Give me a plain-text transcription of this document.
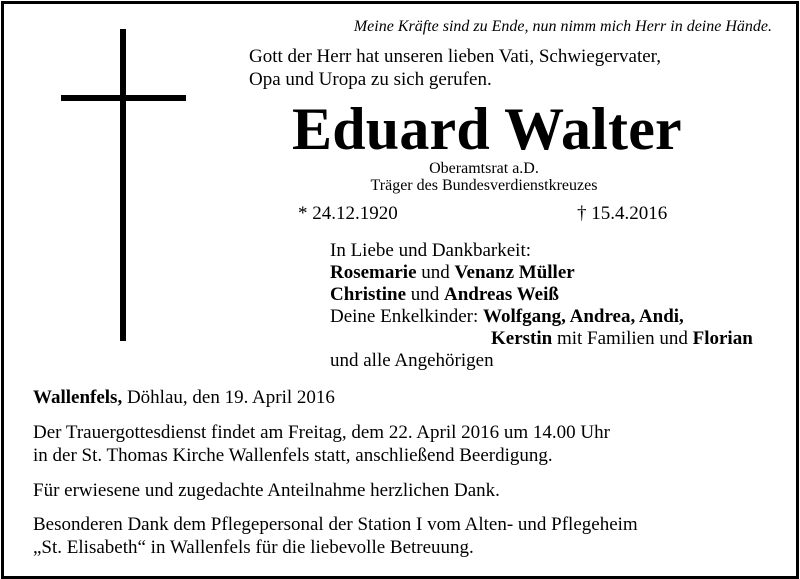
Meine Kräfte sind zu Ende, nun nimm mich Herr in deine Hände.
Gott der Herr hat unseren lieben Vati, Schwiegervater,
Opa und Uropa zu sich gerufen.
Eduard Walter
Oberamtsrat a.D.
Träger des Bundesverdienstkreuzes
* 24.12.1920	† 15.4.2016
In Liebe und Dankbarkeit:
Rosemarie und Venanz Müller
Christine und Andreas Weiß
Deine Enkelkinder: Wolfgang, Andrea, Andi,
Kerstin mit Familien und Florian
und alle Angehörigen
Wallenfels, Döhlau, den 19. April 2016
Der Trauergottesdienst findet am Freitag, dem 22. April 2016 um 14.00 Uhr
in der St. Thomas Kirche Wallenfels statt, anschließend Beerdigung.
Für erwiesene und zugedachte Anteilnahme herzlichen Dank.
Besonderen Dank dem Pflegepersonal der Station I vom Alten- und Pflegeheim
„St. Elisabeth“ in Wallenfels für die liebevolle Betreuung.
